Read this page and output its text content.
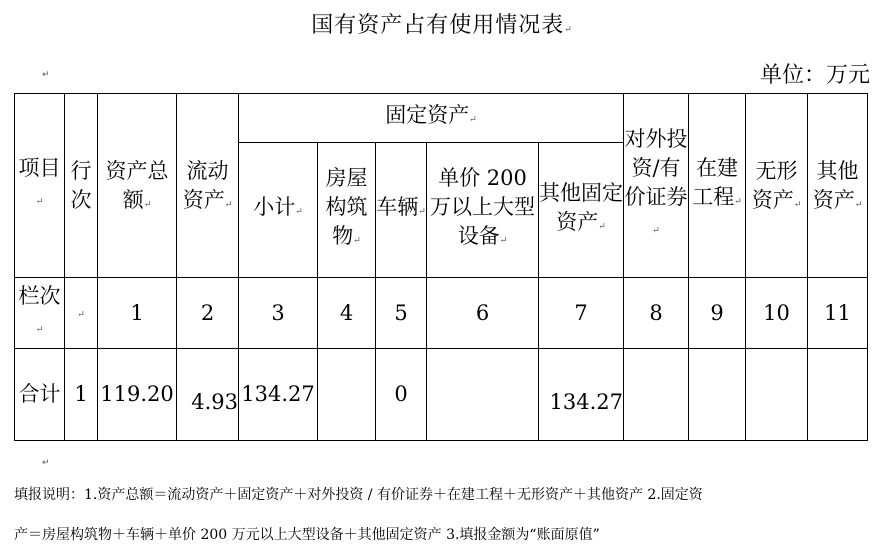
国有资产占有使用情况表↵
↵	单位：万元
项目↵	行次	资产总额↵	流动资产↵	固定资产↵					对外投资/有价证券↵	在建工程↵	无形资产↵	其他资产↵
				小计↵	房屋构筑物↵	车辆↵	单价 200 万以上大型设备↵	其他固定资产↵				
栏次↵	↵	1	2	3	4	5	6	7	8	9	10	11
合计	1	119.20	4.93	134.27		0		134.27				
↵
填报说明：1.资产总额＝流动资产＋固定资产＋对外投资 / 有价证券＋在建工程＋无形资产＋其他资产 2.固定资
产＝房屋构筑物＋车辆＋单价 200 万元以上大型设备＋其他固定资产 3.填报金额为“账面原值”
